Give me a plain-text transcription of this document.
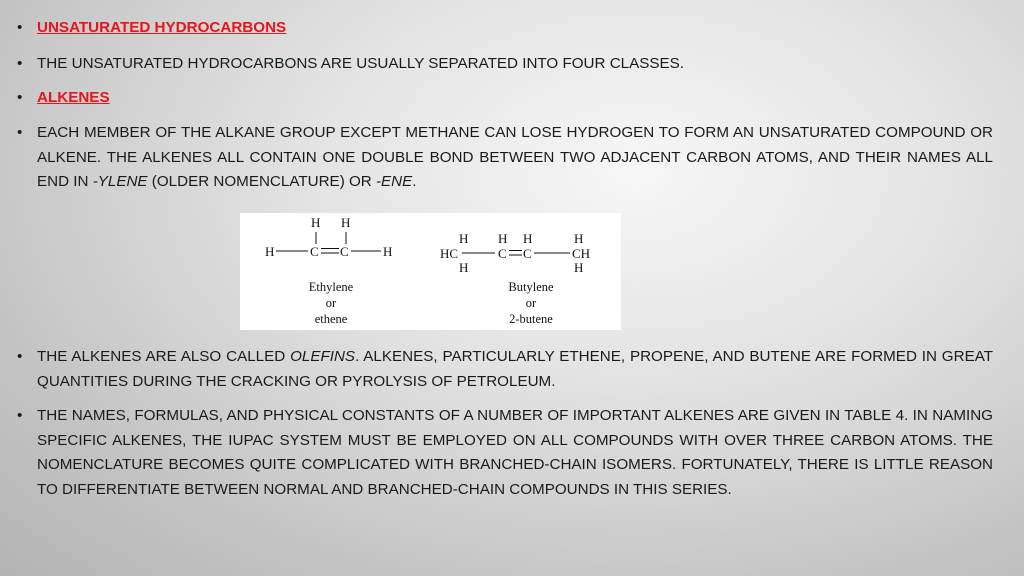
• UNSATURATED HYDROCARBONS
• THE UNSATURATED HYDROCARBONS ARE USUALLY SEPARATED INTO FOUR CLASSES.
• ALKENES
• EACH MEMBER OF THE ALKANE GROUP EXCEPT METHANE CAN LOSE HYDROGEN TO FORM AN UNSATURATED COMPOUND OR ALKENE. THE ALKENES ALL CONTAIN ONE DOUBLE BOND BETWEEN TWO ADJACENT CARBON ATOMS, AND THEIR NAMES ALL END IN -YLENE (OLDER NOMENCLATURE) OR -ENE.
H H
H	C C	H
Ethylene
or
ethene
H H H	H
HC	C C	CH
H	H
Butylene
or
2-butene
• THE ALKENES ARE ALSO CALLED OLEFINS. ALKENES, PARTICULARLY ETHENE, PROPENE, AND BUTENE ARE FORMED IN GREAT QUANTITIES DURING THE CRACKING OR PYROLYSIS OF PETROLEUM.
• THE NAMES, FORMULAS, AND PHYSICAL CONSTANTS OF A NUMBER OF IMPORTANT ALKENES ARE GIVEN IN TABLE 4. IN NAMING SPECIFIC ALKENES, THE IUPAC SYSTEM MUST BE EMPLOYED ON ALL COMPOUNDS WITH OVER THREE CARBON ATOMS. THE NOMENCLATURE BECOMES QUITE COMPLICATED WITH BRANCHED-CHAIN ISOMERS. FORTUNATELY, THERE IS LITTLE REASON TO DIFFERENTIATE BETWEEN NORMAL AND BRANCHED-CHAIN COMPOUNDS IN THIS SERIES.
